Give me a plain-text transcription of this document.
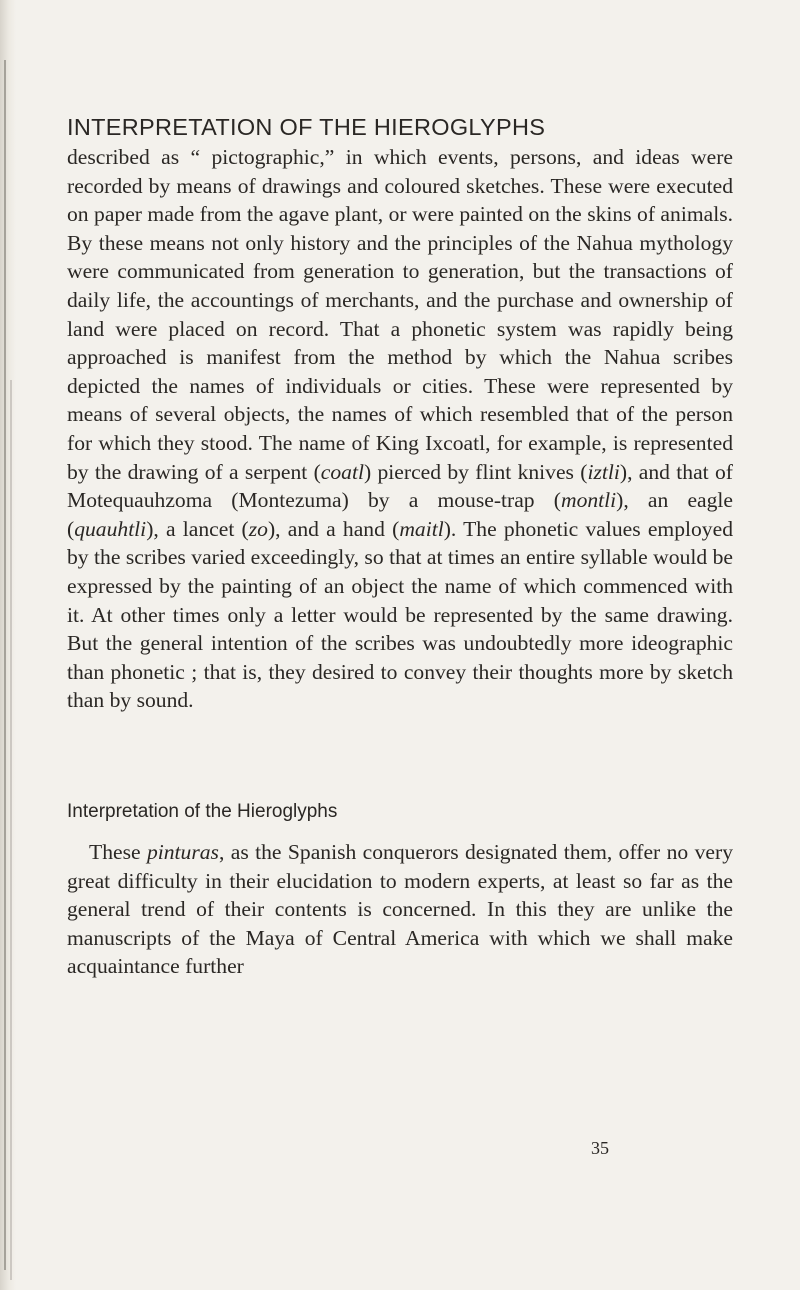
INTERPRETATION OF THE HIEROGLYPHS
described as “ pictographic,” in which events, persons, and ideas were recorded by means of drawings and coloured sketches. These were executed on paper made from the agave plant, or were painted on the skins of animals. By these means not only history and the principles of the Nahua mythology were communicated from generation to generation, but the transactions of daily life, the accountings of merchants, and the purchase and ownership of land were placed on record. That a phonetic system was rapidly being approached is manifest from the method by which the Nahua scribes depicted the names of individuals or cities. These were represented by means of several objects, the names of which resembled that of the person for which they stood. The name of King Ixcoatl, for example, is represented by the drawing of a serpent (coatl) pierced by flint knives (iztli), and that of Motequauhzoma (Montezuma) by a mouse-trap (montli), an eagle (quauhtli), a lancet (zo), and a hand (maitl). The phonetic values employed by the scribes varied exceedingly, so that at times an entire syllable would be expressed by the painting of an object the name of which commenced with it. At other times only a letter would be represented by the same drawing. But the general intention of the scribes was undoubtedly more ideographic than phonetic ; that is, they desired to convey their thoughts more by sketch than by sound.
Interpretation of the Hieroglyphs
These pinturas, as the Spanish conquerors designated them, offer no very great difficulty in their elucidation to modern experts, at least so far as the general trend of their contents is concerned. In this they are unlike the manuscripts of the Maya of Central America with which we shall make acquaintance further
35
